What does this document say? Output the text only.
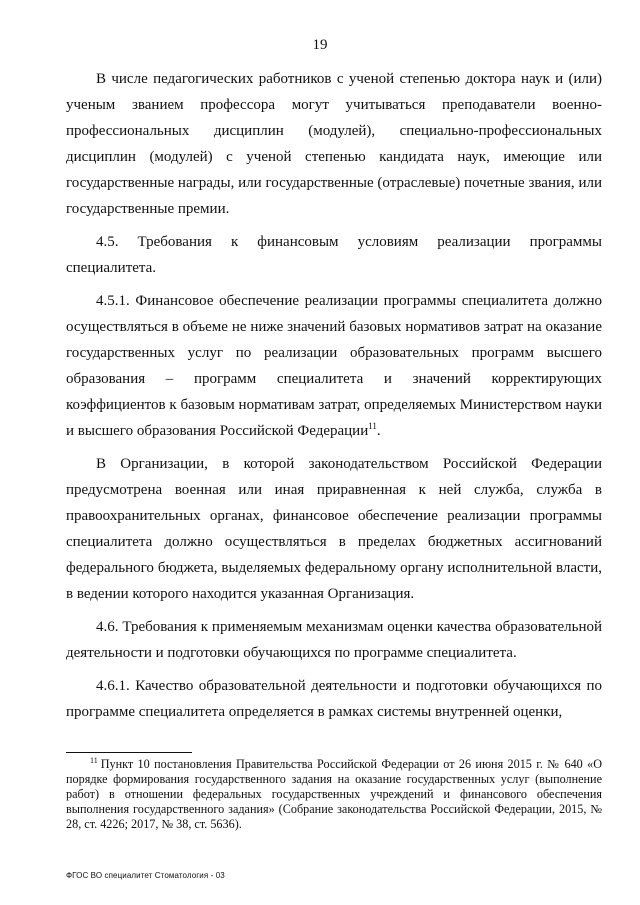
19

В числе педагогических работников с ученой степенью доктора наук и (или) ученым званием профессора могут учитываться преподаватели военно-профессиональных дисциплин (модулей), специально-профессиональных дисциплин (модулей) с ученой степенью кандидата наук, имеющие или государственные награды, или государственные (отраслевые) почетные звания, или государственные премии.

4.5. Требования к финансовым условиям реализации программы специалитета.

4.5.1. Финансовое обеспечение реализации программы специалитета должно осуществляться в объеме не ниже значений базовых нормативов затрат на оказание государственных услуг по реализации образовательных программ высшего образования – программ специалитета и значений корректирующих коэффициентов к базовым нормативам затрат, определяемых Министерством науки и высшего образования Российской Федерации$^{11}$.

В Организации, в которой законодательством Российской Федерации предусмотрена военная или иная приравненная к ней служба, служба в правоохранительных органах, финансовое обеспечение реализации программы специалитета должно осуществляться в пределах бюджетных ассигнований федерального бюджета, выделяемых федеральному органу исполнительной власти, в ведении которого находится указанная Организация.

4.6. Требования к применяемым механизмам оценки качества образовательной деятельности и подготовки обучающихся по программе специалитета.

4.6.1. Качество образовательной деятельности и подготовки обучающихся по программе специалитета определяется в рамках системы внутренней оценки,

$^{11}$ Пункт 10 постановления Правительства Российской Федерации от 26 июня 2015 г. № 640 «О порядке формирования государственного задания на оказание государственных услуг (выполнение работ) в отношении федеральных государственных учреждений и финансового обеспечения выполнения государственного задания» (Собрание законодательства Российской Федерации, 2015, № 28, ст. 4226; 2017, № 38, ст. 5636).

ФГОС ВО специалитет Стоматология - 03
